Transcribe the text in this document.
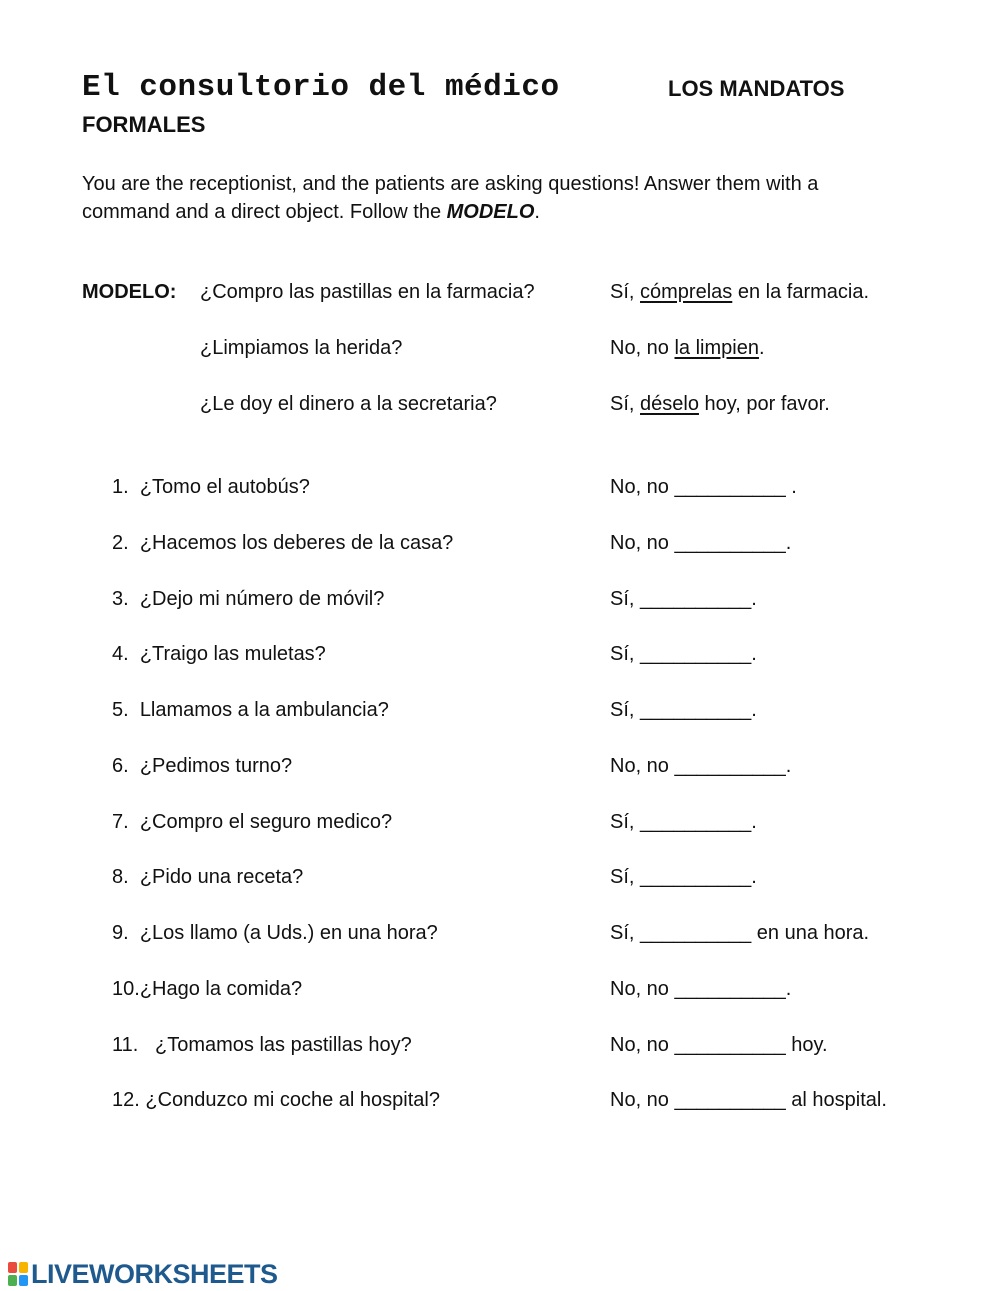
El consultorio del médico	LOS MANDATOS
FORMALES
You are the receptionist, and the patients are asking questions! Answer them with a command and a direct object. Follow the MODELO.
MODELO: ¿Compro las pastillas en la farmacia?	Sí, cómprelas en la farmacia.
¿Limpiamos la herida?	No, no la limpien.
¿Le doy el dinero a la secretaria?	Sí, déselo hoy, por favor.
1. ¿Tomo el autobús?	No, no __________ .
2. ¿Hacemos los deberes de la casa?	No, no __________.
3. ¿Dejo mi número de móvil?	Sí, __________.
4. ¿Traigo las muletas?	Sí, __________.
5. Llamamos a la ambulancia?	Sí, __________.
6. ¿Pedimos turno?	No, no __________.
7. ¿Compro el seguro medico?	Sí, __________.
8. ¿Pido una receta?	Sí, __________.
9. ¿Los llamo (a Uds.) en una hora?	Sí, __________ en una hora.
10.¿Hago la comida?	No, no __________.
11.   ¿Tomamos las pastillas hoy?	No, no __________ hoy.
12. ¿Conduzco mi coche al hospital?	No, no __________ al hospital.
LIVEWORKSHEETS
